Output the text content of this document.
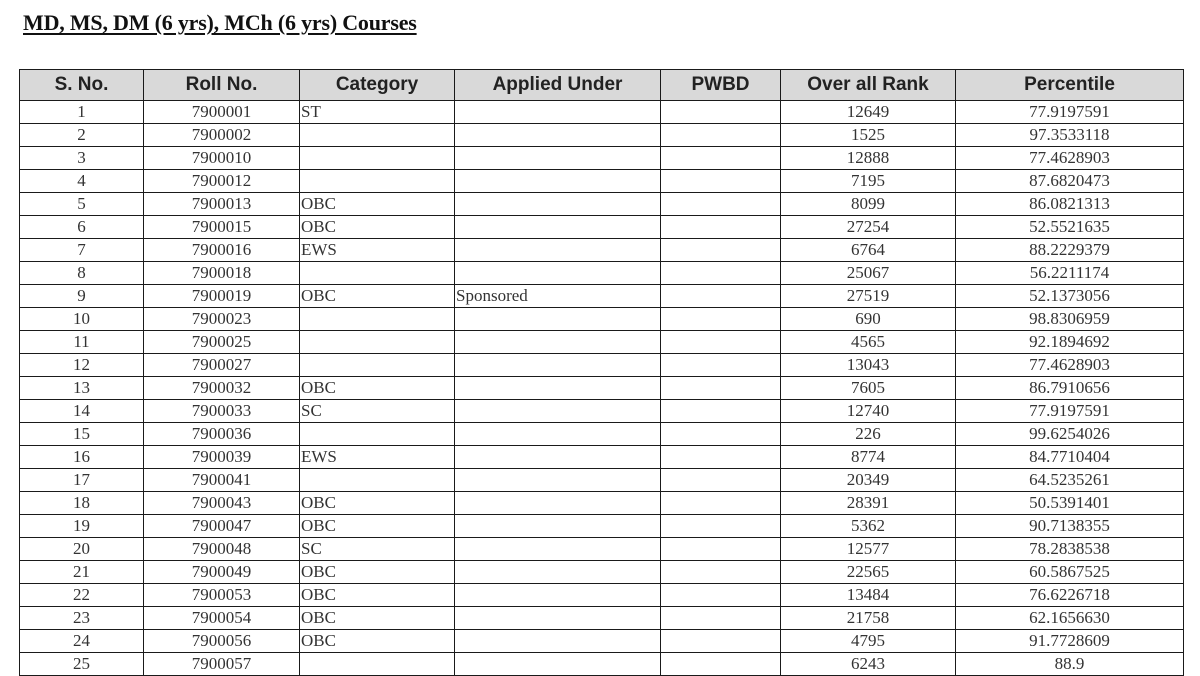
MD, MS, DM (6 yrs), MCh (6 yrs) Courses
S. No.	Roll No.	Category	Applied Under	PWBD	Over all Rank	Percentile
1	7900001	ST			12649	77.9197591
2	7900002				1525	97.3533118
3	7900010				12888	77.4628903
4	7900012				7195	87.6820473
5	7900013	OBC			8099	86.0821313
6	7900015	OBC			27254	52.5521635
7	7900016	EWS			6764	88.2229379
8	7900018				25067	56.2211174
9	7900019	OBC	Sponsored		27519	52.1373056
10	7900023				690	98.8306959
11	7900025				4565	92.1894692
12	7900027				13043	77.4628903
13	7900032	OBC			7605	86.7910656
14	7900033	SC			12740	77.9197591
15	7900036				226	99.6254026
16	7900039	EWS			8774	84.7710404
17	7900041				20349	64.5235261
18	7900043	OBC			28391	50.5391401
19	7900047	OBC			5362	90.7138355
20	7900048	SC			12577	78.2838538
21	7900049	OBC			22565	60.5867525
22	7900053	OBC			13484	76.6226718
23	7900054	OBC			21758	62.1656630
24	7900056	OBC			4795	91.7728609
25	7900057				6243	88.9
